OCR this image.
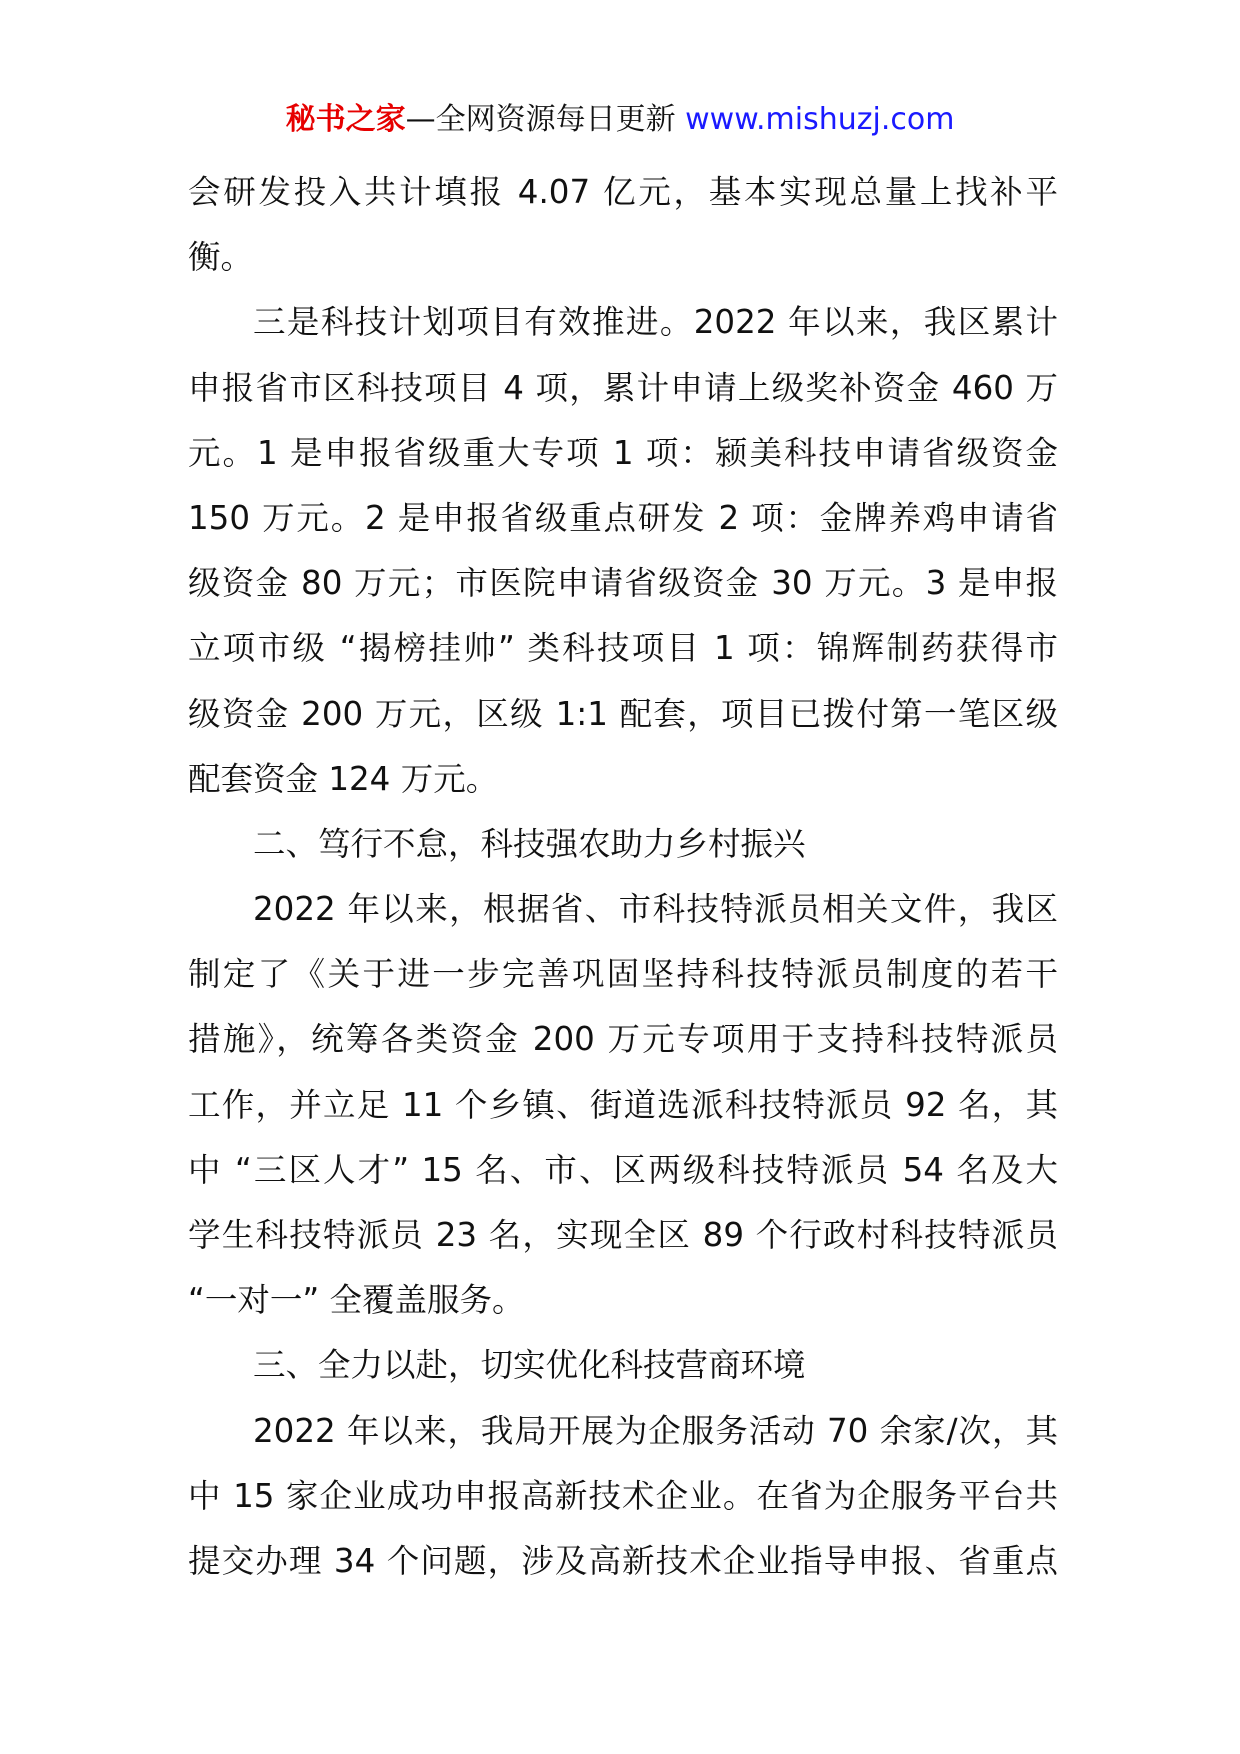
秘书之家—全网资源每日更新 www.mishuzj.com
会研发投入共计填报 4.07 亿元，基本实现总量上找补平
衡。
三是科技计划项目有效推进。2022 年以来，我区累计
申报省市区科技项目 4 项，累计申请上级奖补资金 460 万
元。1 是申报省级重大专项 1 项：颍美科技申请省级资金
150 万元。2 是申报省级重点研发 2 项：金牌养鸡申请省
级资金 80 万元；市医院申请省级资金 30 万元。3 是申报
立项市级 “揭榜挂帅” 类科技项目 1 项：锦辉制药获得市
级资金 200 万元，区级 1:1 配套，项目已拨付第一笔区级
配套资金 124 万元。
二、笃行不怠，科技强农助力乡村振兴
2022 年以来，根据省、市科技特派员相关文件，我区
制定了《关于进一步完善巩固坚持科技特派员制度的若干
措施》，统筹各类资金 200 万元专项用于支持科技特派员
工作，并立足 11 个乡镇、街道选派科技特派员 92 名，其
中 “三区人才” 15 名、市、区两级科技特派员 54 名及大
学生科技特派员 23 名，实现全区 89 个行政村科技特派员
“一对一” 全覆盖服务。
三、全力以赴，切实优化科技营商环境
2022 年以来，我局开展为企服务活动 70 余家/次，其
中 15 家企业成功申报高新技术企业。在省为企服务平台共
提交办理 34 个问题，涉及高新技术企业指导申报、省重点
